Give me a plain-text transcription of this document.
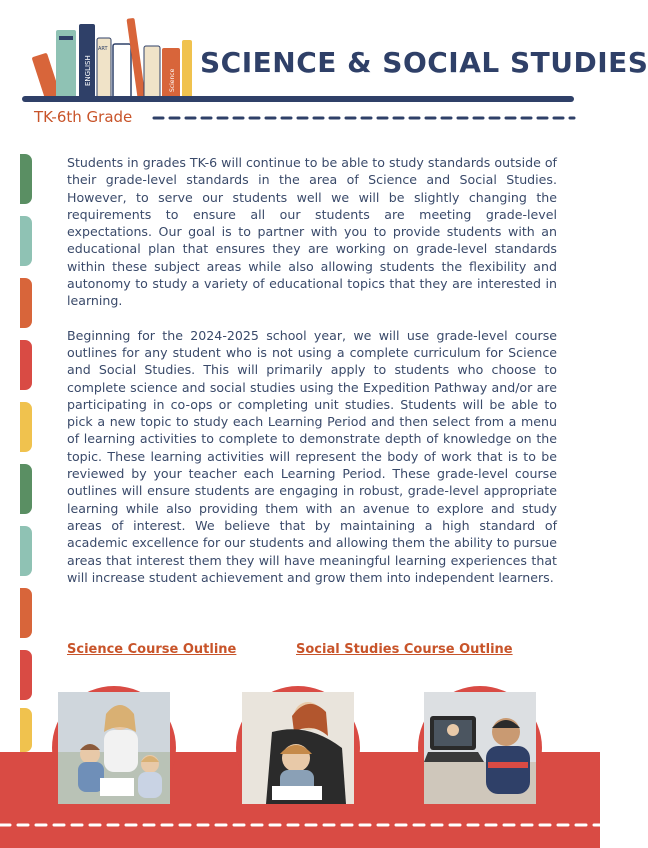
ENGLISH
ART
Science
SCIENCE & SOCIAL STUDIES
TK-6th Grade

Students in grades TK-6 will continue to be able to study standards outside of their grade-level standards in the area of Science and Social Studies. However, to serve our students well we will be slightly changing the requirements to ensure all our students are meeting grade-level expectations. Our goal is to partner with you to provide students with an educational plan that ensures they are working on grade-level standards within these subject areas while also allowing students the flexibility and autonomy to study a variety of educational topics that they are interested in learning.

Beginning for the 2024-2025 school year, we will use grade-level course outlines for any student who is not using a complete curriculum for Science and Social Studies. This will primarily apply to students who choose to complete science and social studies using the Expedition Pathway and/or are participating in co-ops or completing unit studies. Students will be able to pick a new topic to study each Learning Period and then select from a menu of learning activities to complete to demonstrate depth of knowledge on the topic. These learning activities will represent the body of work that is to be reviewed by your teacher each Learning Period. These grade-level course outlines will ensure students are engaging in robust, grade-level appropriate learning while also providing them with an avenue to explore and study areas of interest. We believe that by maintaining a high standard of academic excellence for our students and allowing them the ability to pursue areas that interest them they will have meaningful learning experiences that will increase student achievement and grow them into independent learners.

Science Course Outline	Social Studies Course Outline
